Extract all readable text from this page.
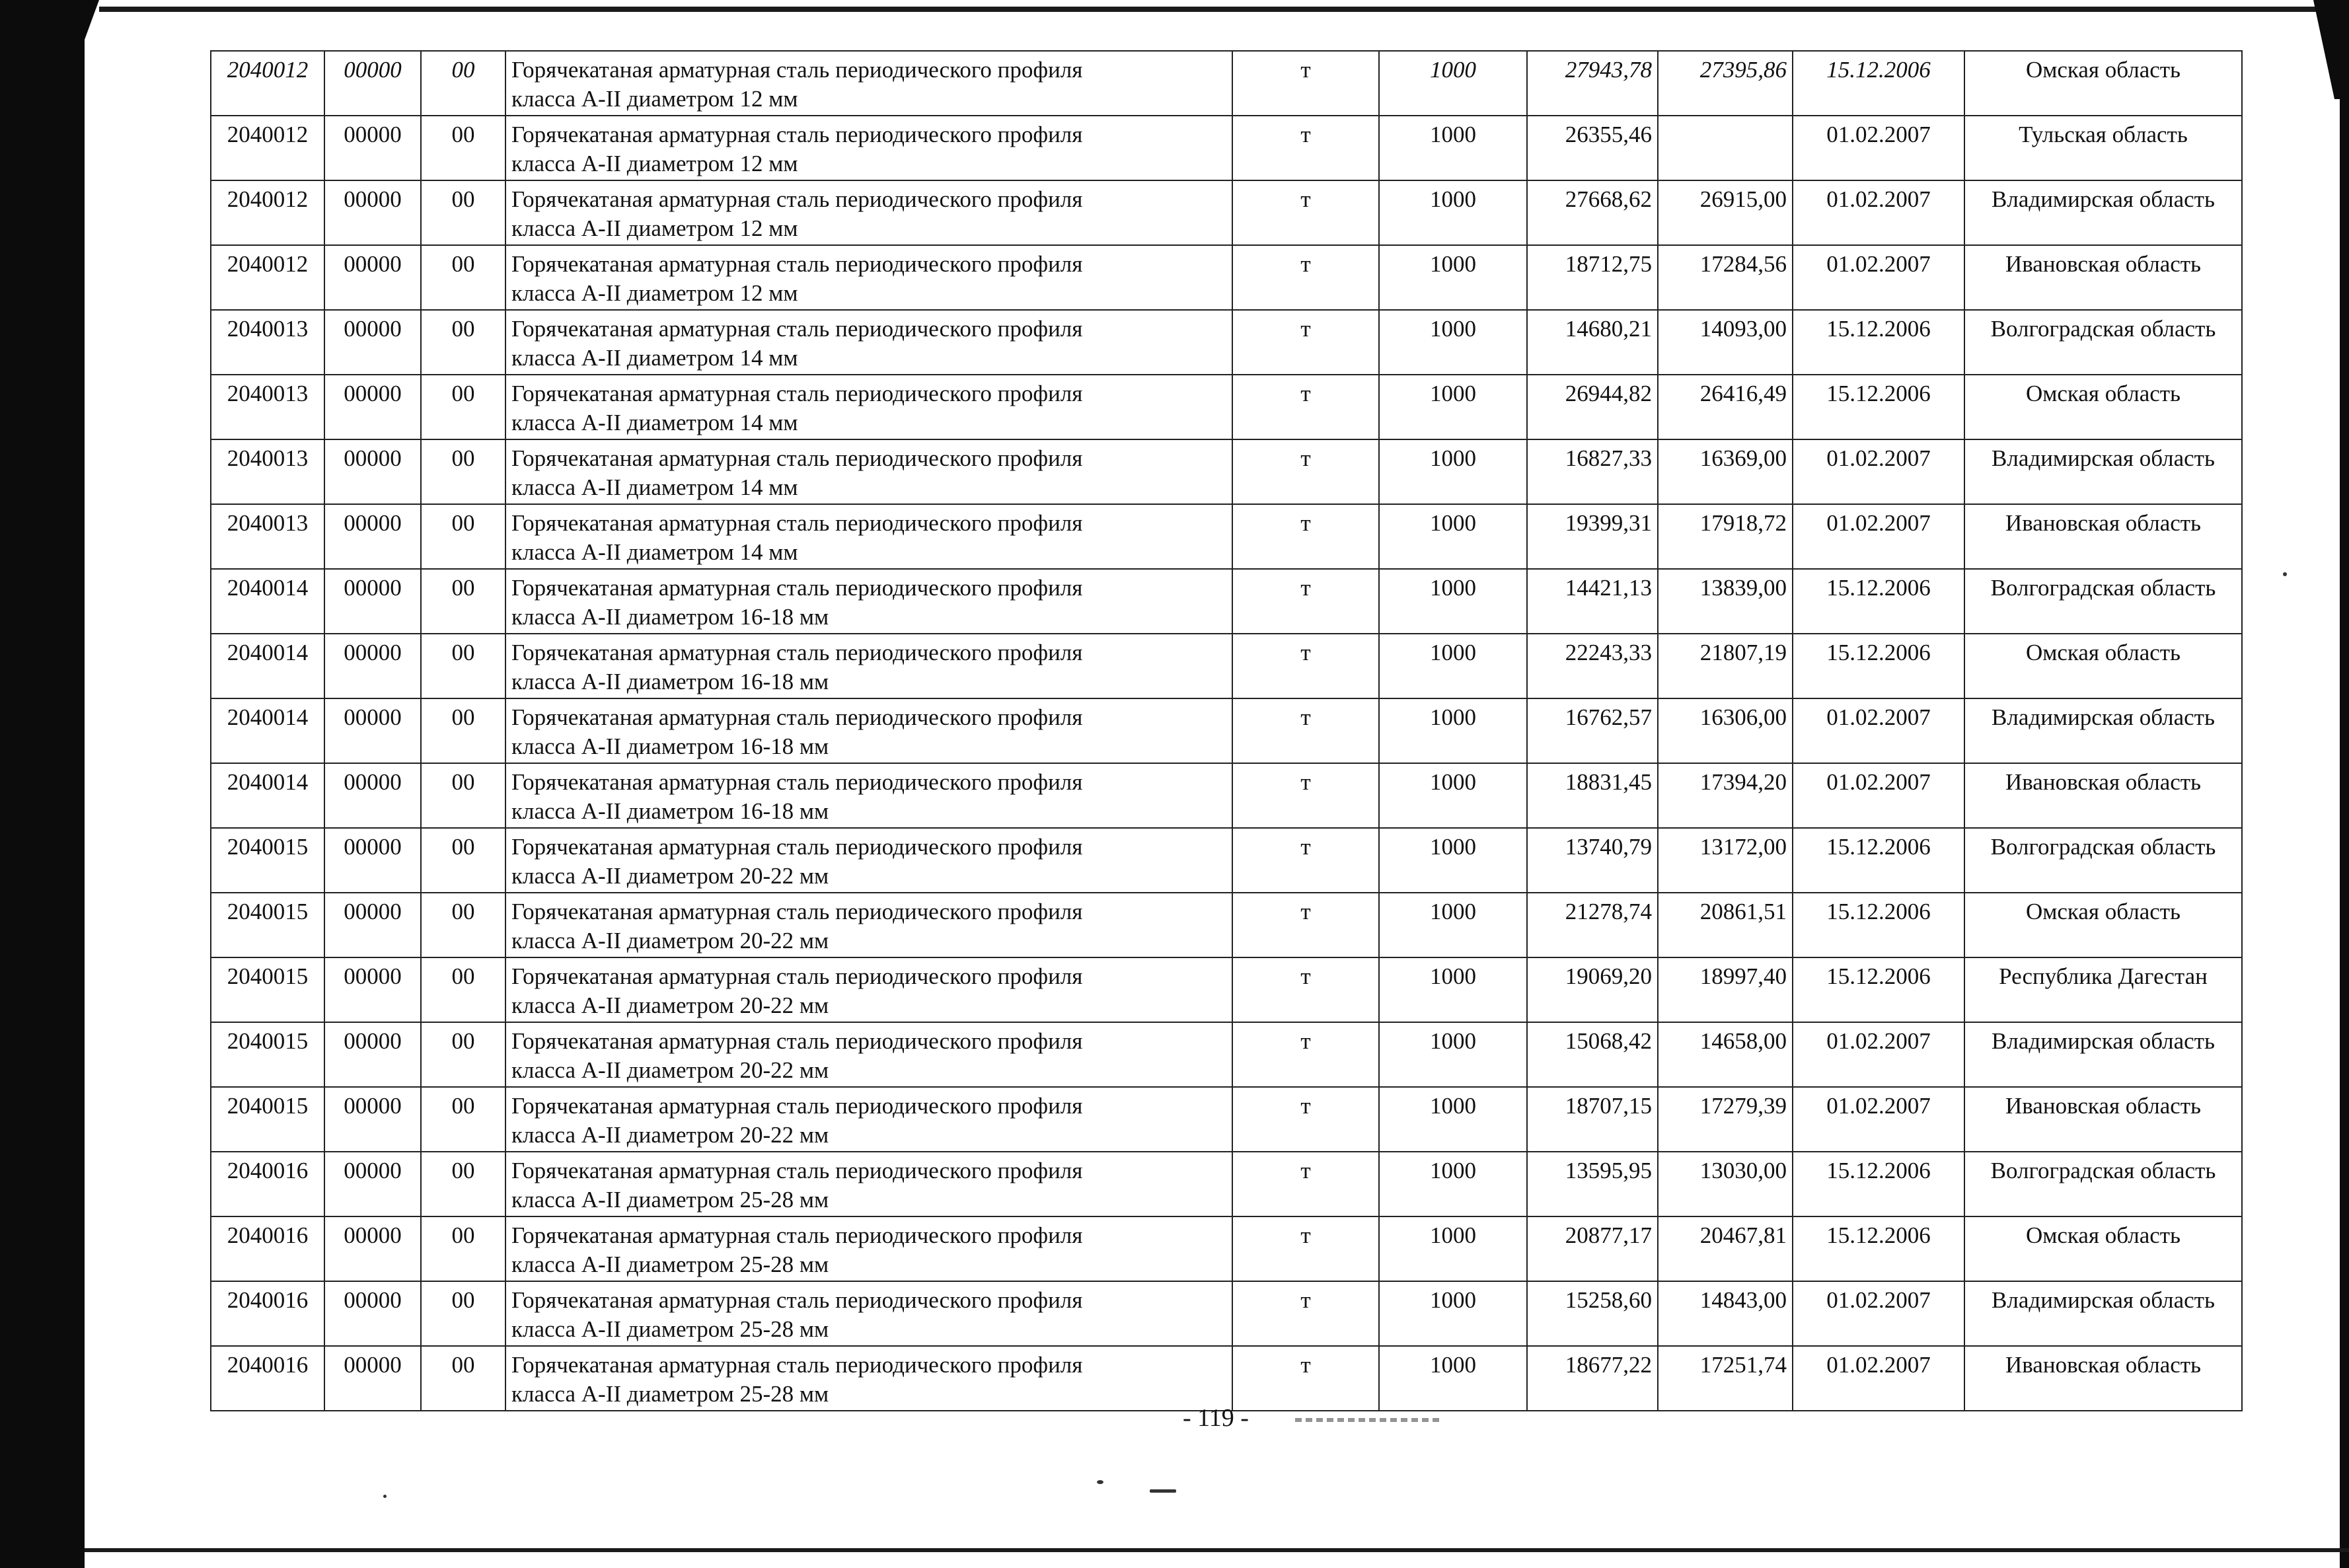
2040012	00000	00	Горячекатаная арматурная сталь периодического профиля
класса А-II диаметром 12 мм	т	1000	27943,78	27395,86	15.12.2006	Омская область
2040012	00000	00	Горячекатаная арматурная сталь периодического профиля
класса А-II диаметром 12 мм	т	1000	26355,46		01.02.2007	Тульская область
2040012	00000	00	Горячекатаная арматурная сталь периодического профиля
класса А-II диаметром 12 мм	т	1000	27668,62	26915,00	01.02.2007	Владимирская область
2040012	00000	00	Горячекатаная арматурная сталь периодического профиля
класса А-II диаметром 12 мм	т	1000	18712,75	17284,56	01.02.2007	Ивановская область
2040013	00000	00	Горячекатаная арматурная сталь периодического профиля
класса А-II диаметром 14 мм	т	1000	14680,21	14093,00	15.12.2006	Волгоградская область
2040013	00000	00	Горячекатаная арматурная сталь периодического профиля
класса А-II диаметром 14 мм	т	1000	26944,82	26416,49	15.12.2006	Омская область
2040013	00000	00	Горячекатаная арматурная сталь периодического профиля
класса А-II диаметром 14 мм	т	1000	16827,33	16369,00	01.02.2007	Владимирская область
2040013	00000	00	Горячекатаная арматурная сталь периодического профиля
класса А-II диаметром 14 мм	т	1000	19399,31	17918,72	01.02.2007	Ивановская область
2040014	00000	00	Горячекатаная арматурная сталь периодического профиля
класса А-II диаметром 16-18 мм	т	1000	14421,13	13839,00	15.12.2006	Волгоградская область
2040014	00000	00	Горячекатаная арматурная сталь периодического профиля
класса А-II диаметром 16-18 мм	т	1000	22243,33	21807,19	15.12.2006	Омская область
2040014	00000	00	Горячекатаная арматурная сталь периодического профиля
класса А-II диаметром 16-18 мм	т	1000	16762,57	16306,00	01.02.2007	Владимирская область
2040014	00000	00	Горячекатаная арматурная сталь периодического профиля
класса А-II диаметром 16-18 мм	т	1000	18831,45	17394,20	01.02.2007	Ивановская область
2040015	00000	00	Горячекатаная арматурная сталь периодического профиля
класса А-II диаметром 20-22 мм	т	1000	13740,79	13172,00	15.12.2006	Волгоградская область
2040015	00000	00	Горячекатаная арматурная сталь периодического профиля
класса А-II диаметром 20-22 мм	т	1000	21278,74	20861,51	15.12.2006	Омская область
2040015	00000	00	Горячекатаная арматурная сталь периодического профиля
класса А-II диаметром 20-22 мм	т	1000	19069,20	18997,40	15.12.2006	Республика Дагестан
2040015	00000	00	Горячекатаная арматурная сталь периодического профиля
класса А-II диаметром 20-22 мм	т	1000	15068,42	14658,00	01.02.2007	Владимирская область
2040015	00000	00	Горячекатаная арматурная сталь периодического профиля
класса А-II диаметром 20-22 мм	т	1000	18707,15	17279,39	01.02.2007	Ивановская область
2040016	00000	00	Горячекатаная арматурная сталь периодического профиля
класса А-II диаметром 25-28 мм	т	1000	13595,95	13030,00	15.12.2006	Волгоградская область
2040016	00000	00	Горячекатаная арматурная сталь периодического профиля
класса А-II диаметром 25-28 мм	т	1000	20877,17	20467,81	15.12.2006	Омская область
2040016	00000	00	Горячекатаная арматурная сталь периодического профиля
класса А-II диаметром 25-28 мм	т	1000	15258,60	14843,00	01.02.2007	Владимирская область
2040016	00000	00	Горячекатаная арматурная сталь периодического профиля
класса А-II диаметром 25-28 мм	т	1000	18677,22	17251,74	01.02.2007	Ивановская область
- 119 -
